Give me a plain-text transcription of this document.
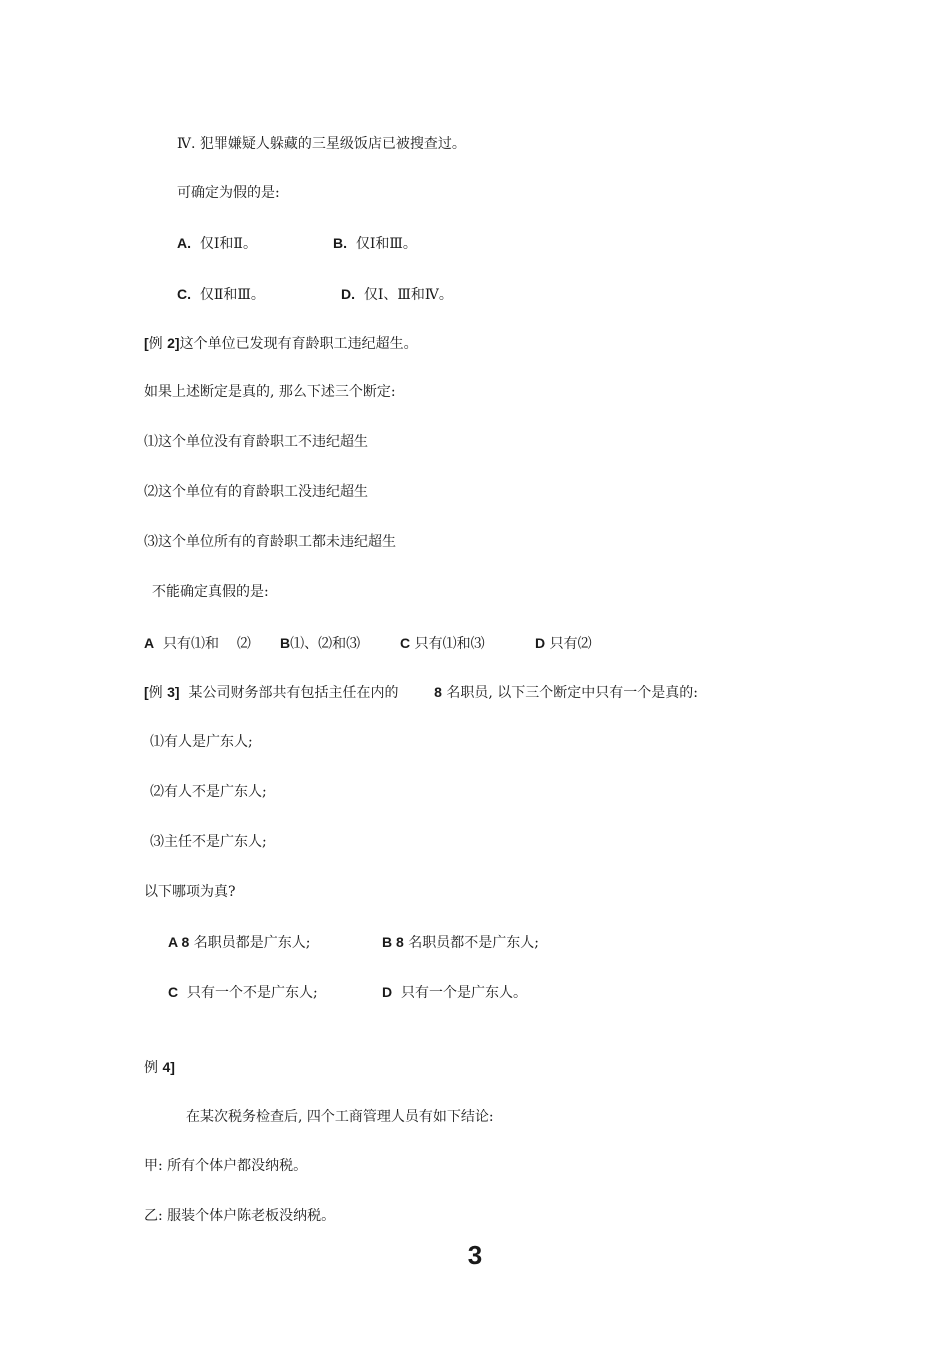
Ⅳ. 犯罪嫌疑人躲藏的三星级饭店已被搜查过。
可确定为假的是:
A. 仅Ⅰ和Ⅱ。	B. 仅Ⅰ和Ⅲ。
C. 仅Ⅱ和Ⅲ。	D. 仅Ⅰ、Ⅲ和Ⅳ。
[例 2]这个单位已发现有育龄职工违纪超生。
如果上述断定是真的, 那么下述三个断定:
⑴这个单位没有育龄职工不违纪超生
⑵这个单位有的育龄职工没违纪超生
⑶这个单位所有的育龄职工都未违纪超生
不能确定真假的是:
A 只有⑴和    ⑵ B⑴、⑵和⑶	C 只有⑴和⑶	D 只有⑵
[例 3] 某公司财务部共有包括主任在内的	8 名职员, 以下三个断定中只有一个是真的:
⑴有人是广东人;
⑵有人不是广东人;
⑶主任不是广东人;
以下哪项为真?
A 8 名职员都是广东人;	B 8 名职员都不是广东人;
C 只有一个不是广东人;	D 只有一个是广东人。
例 4]
在某次税务检查后, 四个工商管理人员有如下结论:
甲: 所有个体户都没纳税。
乙: 服装个体户陈老板没纳税。
3
